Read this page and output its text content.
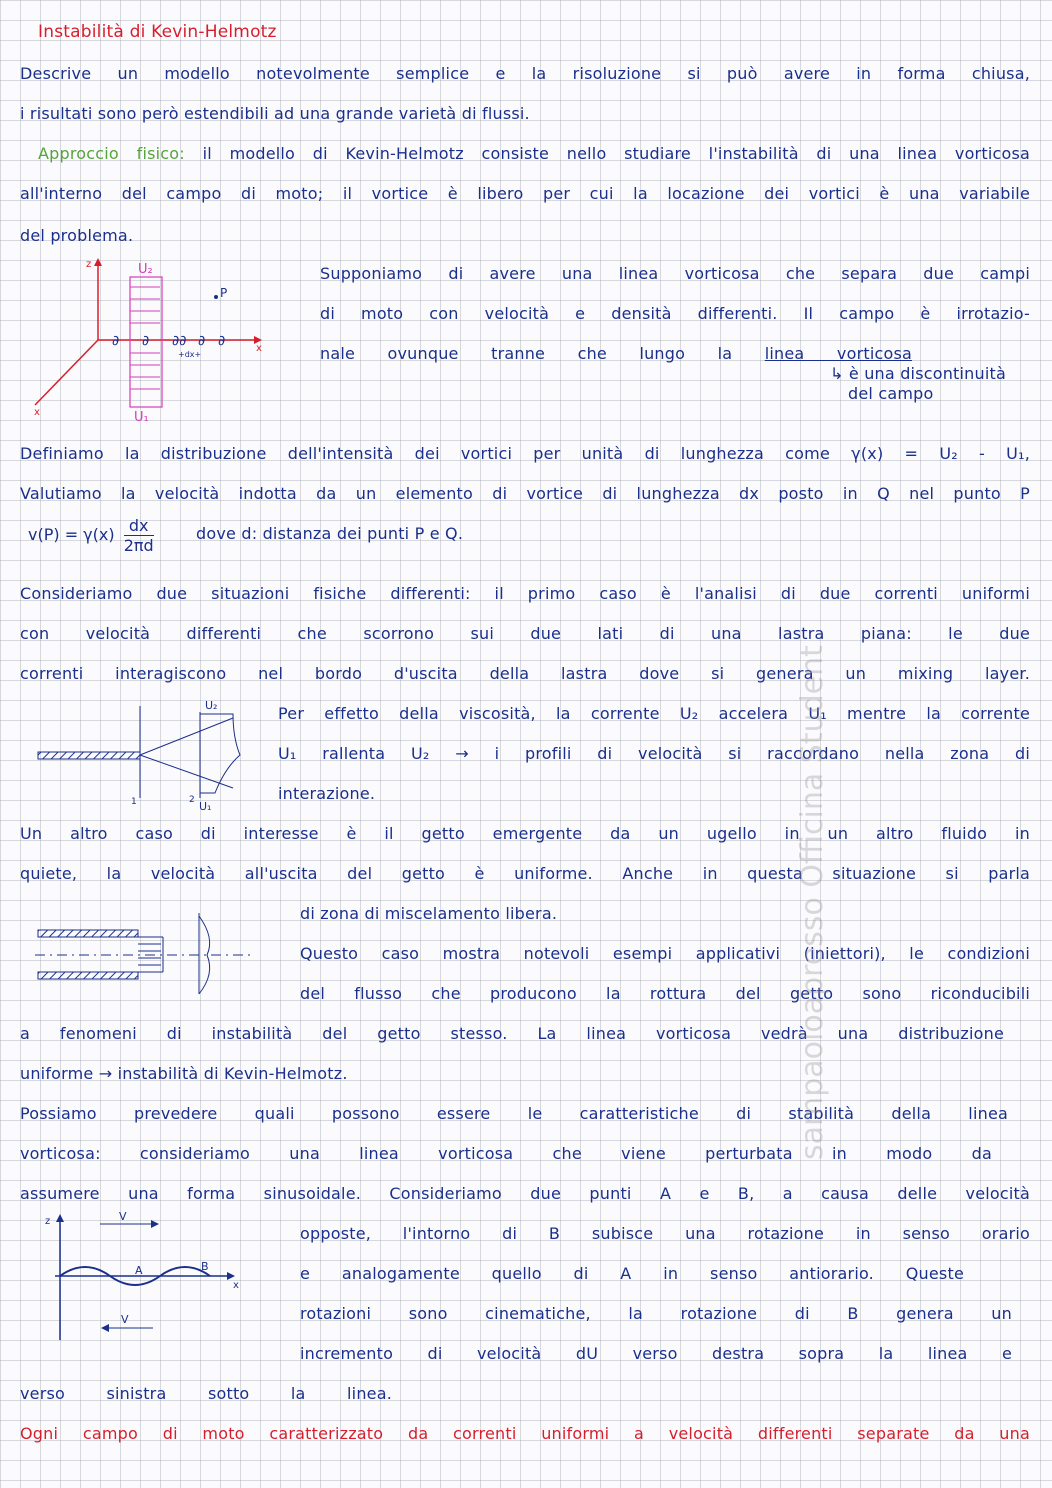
Instabilità di Kevin-Helmotz
Descrive un modello notevolmente semplice e la risoluzione si può avere in forma chiusa,
i risultati sono però estendibili ad una grande varietà di flussi.
Approccio fisico: il modello di Kevin-Helmotz consiste nello studiare l'instabilità di una linea vorticosa
all'interno del campo di moto; il vortice è libero per cui la locazione dei vortici è una variabile
del problema.
∂ ∂ ∂∂ ∂ ∂
P
U₂
U₁
z
x
x
+dx+
Supponiamo di avere una linea vorticosa che separa due campi
di moto con velocità e densità differenti. Il campo è irrotazio-
nale ovunque tranne che lungo la linea vorticosa
↳ è una discontinuità
del campo
Definiamo la distribuzione dell'intensità dei vortici per unità di lunghezza come γ(x) = U₂ - U₁,
Valutiamo la velocità indotta da un elemento di vortice di lunghezza dx posto in Q nel punto P
$v(P) = \gamma(x) \frac{dx}{2\pi d}$	dove d: distanza dei punti P e Q.
Consideriamo due situazioni fisiche differenti: il primo caso è l'analisi di due correnti uniformi
con velocità differenti che scorrono sui due lati di una lastra piana: le due
correnti interagiscono nel bordo d'uscita della lastra dove si genera un mixing layer.
U₂
U₁
1	2
Per effetto della viscosità, la corrente U₂ accelera U₁ mentre la corrente
U₁ rallenta U₂ → i profili di velocità si raccordano nella zona di
interazione.
Un altro caso di interesse è il getto emergente da un ugello in un altro fluido in
quiete, la velocità all'uscita del getto è uniforme. Anche in questa situazione si parla
di zona di miscelamento libera.
Questo caso mostra notevoli esempi applicativi (iniettori), le condizioni
del flusso che producono la rottura del getto sono riconducibili
a fenomeni di instabilità del getto stesso. La linea vorticosa vedrà una distribuzione
uniforme → instabilità di Kevin-Helmotz.
Possiamo prevedere quali possono essere le caratteristiche di stabilità della linea
vorticosa: consideriamo una linea vorticosa che viene perturbata in modo da
assumere una forma sinusoidale. Consideriamo due punti A e B, a causa delle velocità
V
V
A	B
z
x
opposte, l'intorno di B subisce una rotazione in senso orario
e analogamente quello di A in senso antiorario. Queste
rotazioni sono cinematiche, la rotazione di B genera un
incremento di velocità dU verso destra sopra la linea e
verso sinistra sotto la linea.
Ogni campo di moto caratterizzato da correnti uniformi a velocità differenti separate da una
sampaoloapresso Officina Student
